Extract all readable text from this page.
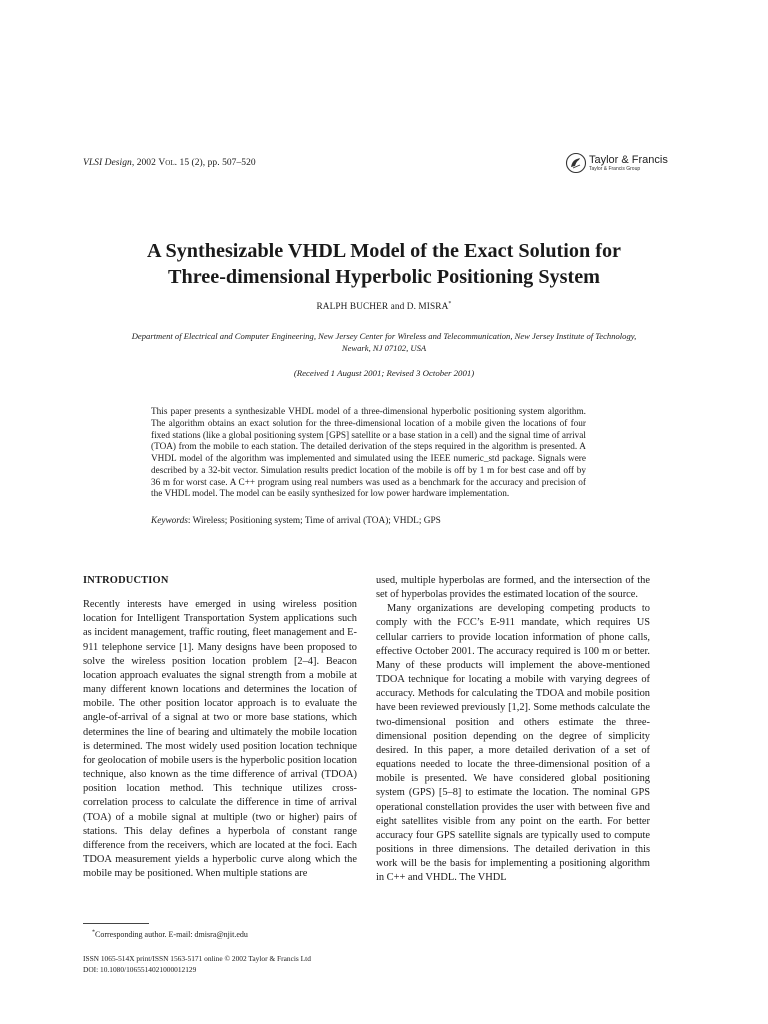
VLSI Design, 2002 Vol. 15 (2), pp. 507–520	Taylor & Francis
Taylor & Francis Group
A Synthesizable VHDL Model of the Exact Solution for
Three-dimensional Hyperbolic Positioning System
RALPH BUCHER and D. MISRA*
Department of Electrical and Computer Engineering, New Jersey Center for Wireless and Telecommunication, New Jersey Institute of Technology,
Newark, NJ 07102, USA
(Received 1 August 2001; Revised 3 October 2001)
This paper presents a synthesizable VHDL model of a three-dimensional hyperbolic positioning system algorithm. The algorithm obtains an exact solution for the three-dimensional location of a mobile given the locations of four fixed stations (like a global positioning system [GPS] satellite or a base station in a cell) and the signal time of arrival (TOA) from the mobile to each station. The detailed derivation of the steps required in the algorithm is presented. A VHDL model of the algorithm was implemented and simulated using the IEEE numeric_std package. Signals were described by a 32-bit vector. Simulation results predict location of the mobile is off by 1 m for best case and off by 36 m for worst case. A C++ program using real numbers was used as a benchmark for the accuracy and precision of the VHDL model. The model can be easily synthesized for low power hardware implementation.
Keywords: Wireless; Positioning system; Time of arrival (TOA); VHDL; GPS

INTRODUCTION

Recently interests have emerged in using wireless position location for Intelligent Transportation System applications such as incident management, traffic routing, fleet management and E-911 telephone service [1]. Many designs have been proposed to solve the wireless position location problem [2–4]. Beacon location approach evaluates the signal strength from a mobile at many different known locations and determines the location of mobile. The other position locator approach is to evaluate the angle-of-arrival of a signal at two or more base stations, which determines the line of bearing and ultimately the mobile location is determined. The most widely used position location technique for geolocation of mobile users is the hyperbolic position location technique, also known as the time difference of arrival (TDOA) position location method. This technique utilizes cross-correlation process to calculate the difference in time of arrival (TOA) of a mobile signal at multiple (two or higher) pairs of stations. This delay defines a hyperbola of constant range difference from the receivers, which are located at the foci. Each TDOA measurement yields a hyperbolic curve along which the mobile may be positioned. When multiple stations are

used, multiple hyperbolas are formed, and the intersection of the set of hyperbolas provides the estimated location of the source.

Many organizations are developing competing products to comply with the FCC’s E-911 mandate, which requires US cellular carriers to provide location information of phone calls, effective October 2001. The accuracy required is 100 m or better. Many of these products will implement the above-mentioned TDOA technique for locating a mobile with varying degrees of accuracy. Methods for calculating the TDOA and mobile position have been reviewed previously [1,2]. Some methods calculate the two-dimensional position and others estimate the three-dimensional position depending on the degree of simplicity desired. In this paper, a more detailed derivation of a set of equations needed to locate the three-dimensional position of a mobile is presented. We have considered global positioning system (GPS) [5–8] to estimate the location. The nominal GPS operational constellation provides the user with between five and eight satellites visible from any point on the earth. For better accuracy four GPS satellite signals are typically used to compute positions in three dimensions. The detailed derivation in this work will be the basis for implementing a positioning algorithm in C++ and VHDL. The VHDL

*Corresponding author. E-mail: dmisra@njit.edu
ISSN 1065-514X print/ISSN 1563-5171 online © 2002 Taylor & Francis Ltd
DOI: 10.1080/1065514021000012129
